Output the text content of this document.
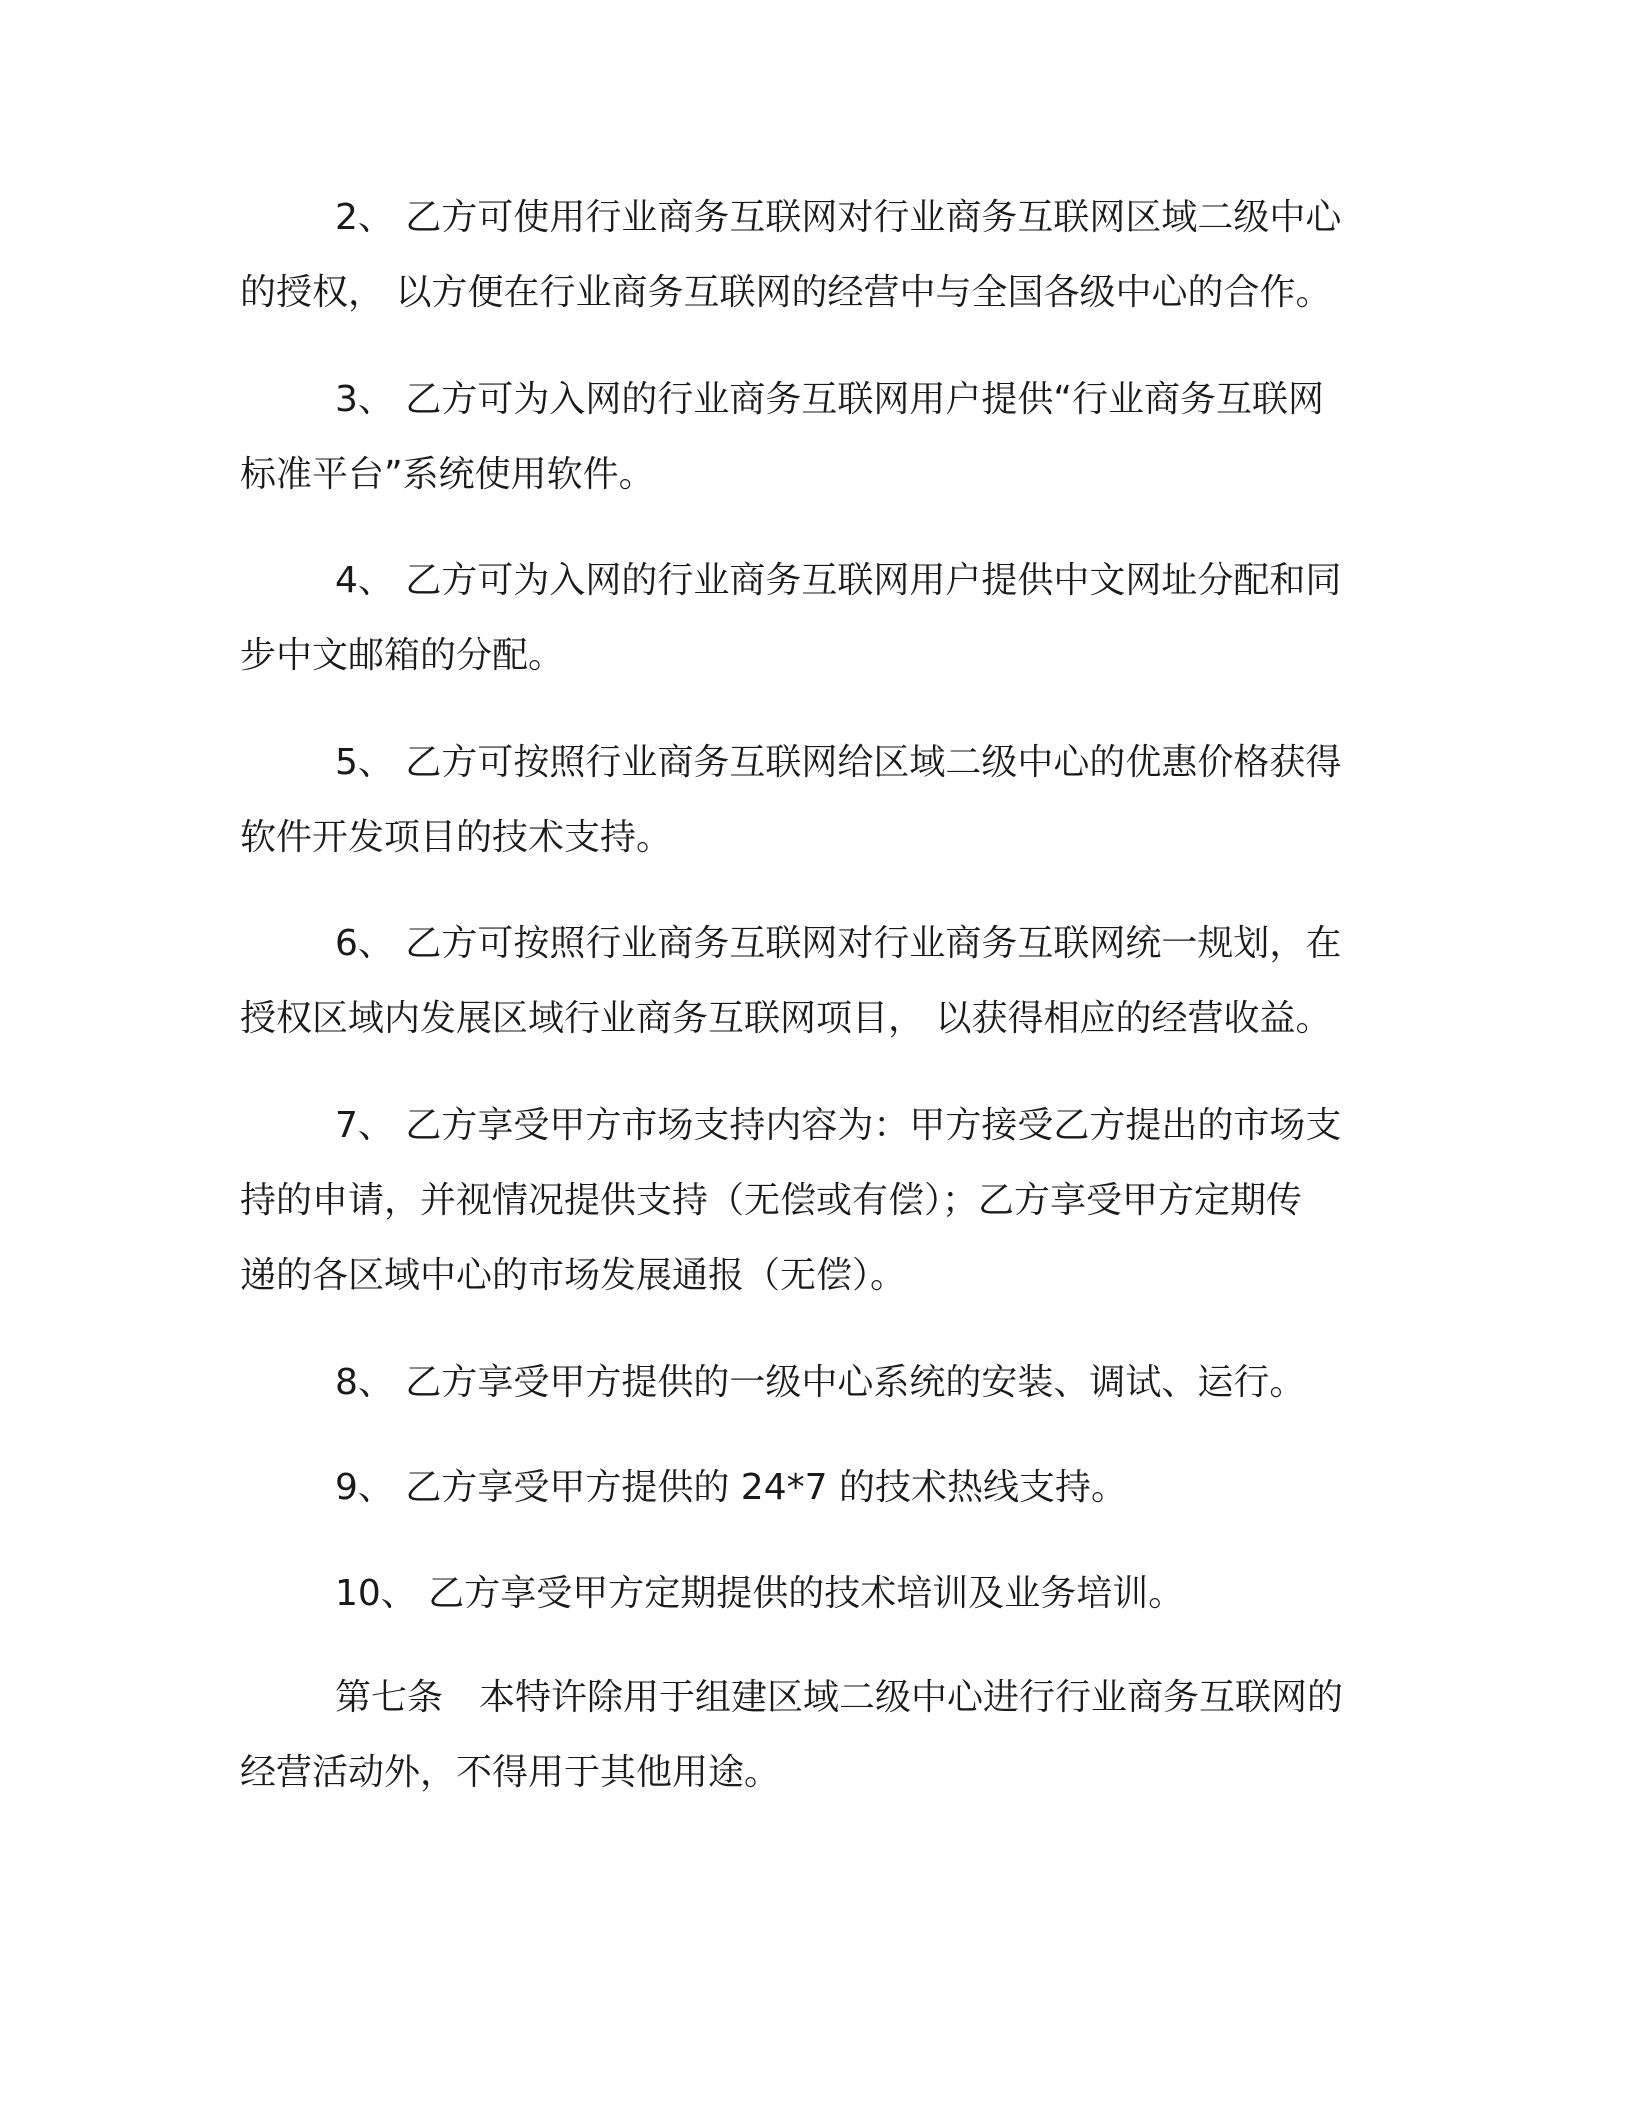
2、 乙方可使用行业商务互联网对行业商务互联网区域二级中心
的授权， 以方便在行业商务互联网的经营中与全国各级中心的合作。

3、 乙方可为入网的行业商务互联网用户提供“行业商务互联网
标准平台”系统使用软件。

4、 乙方可为入网的行业商务互联网用户提供中文网址分配和同
步中文邮箱的分配。

5、 乙方可按照行业商务互联网给区域二级中心的优惠价格获得
软件开发项目的技术支持。

6、 乙方可按照行业商务互联网对行业商务互联网统一规划，在
授权区域内发展区域行业商务互联网项目， 以获得相应的经营收益。

7、 乙方享受甲方市场支持内容为：甲方接受乙方提出的市场支
持的申请，并视情况提供支持（无偿或有偿）；乙方享受甲方定期传
递的各区域中心的市场发展通报（无偿）。

8、 乙方享受甲方提供的一级中心系统的安装、调试、运行。

9、 乙方享受甲方提供的 24*7 的技术热线支持。

10、 乙方享受甲方定期提供的技术培训及业务培训。

第七条　本特许除用于组建区域二级中心进行行业商务互联网的
经营活动外，不得用于其他用途。
